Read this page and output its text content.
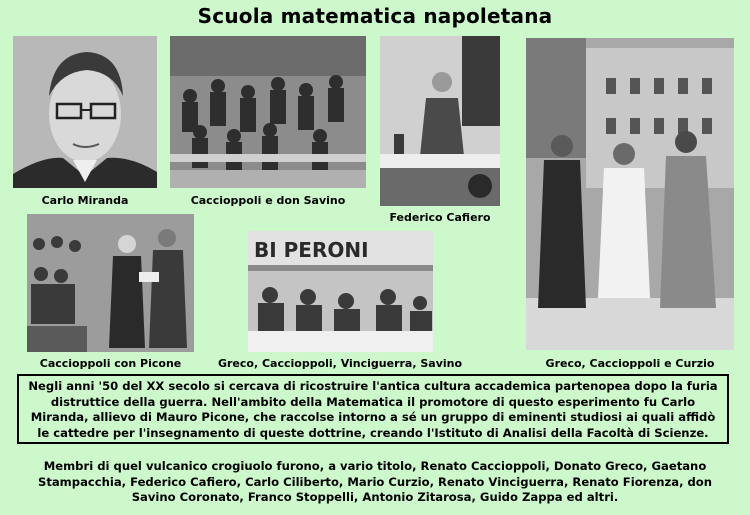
Scuola matematica napoletana
Carlo Miranda	Caccioppoli e don Savino
Federico Cafiero
Greco, Caccioppoli e Curzio
Caccioppoli con Picone
BI PERONI
Greco, Caccioppoli, Vinciguerra, Savino
Negli anni '50 del XX secolo si cercava di ricostruire l'antica cultura accademica partenopea dopo la furia distruttice della guerra. Nell'ambito della Matematica il promotore di questo esperimento fu Carlo Miranda, allievo di Mauro Picone, che raccolse intorno a sé un gruppo di eminenti studiosi ai quali affidò le cattedre per l'insegnamento di queste dottrine, creando l'Istituto di Analisi della Facoltà di Scienze.
Membri di quel vulcanico crogiuolo furono, a vario titolo, Renato Caccioppoli, Donato Greco, Gaetano Stampacchia, Federico Cafiero, Carlo Ciliberto, Mario Curzio, Renato Vinciguerra, Renato Fiorenza, don Savino Coronato, Franco Stoppelli, Antonio Zitarosa, Guido Zappa ed altri.
